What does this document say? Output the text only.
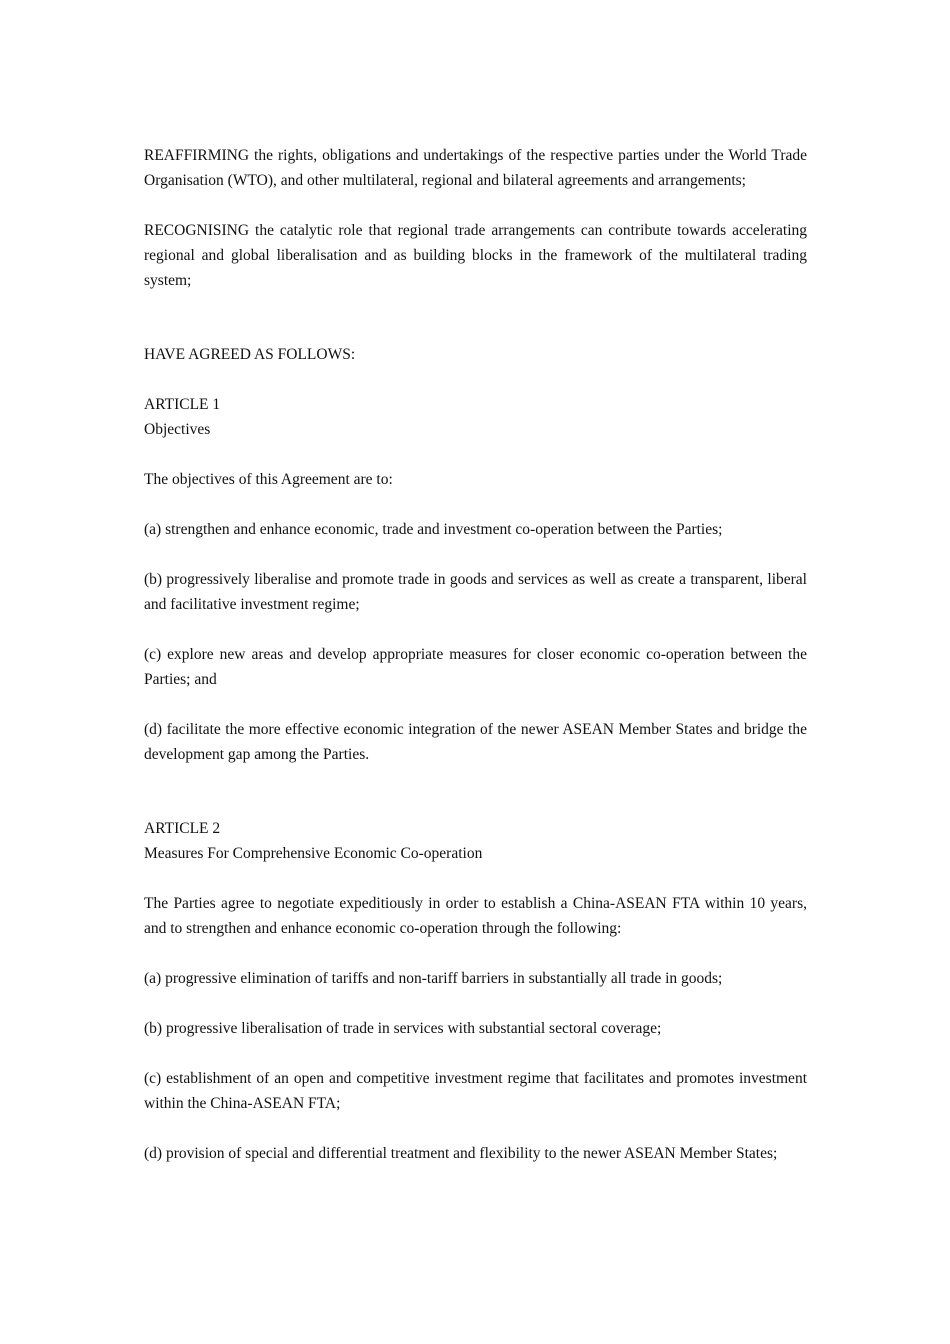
REAFFIRMING the rights, obligations and undertakings of the respective parties under the World Trade Organisation (WTO), and other multilateral, regional and bilateral agreements and arrangements;

RECOGNISING the catalytic role that regional trade arrangements can contribute towards accelerating regional and global liberalisation and as building blocks in the framework of the multilateral trading system;

HAVE AGREED AS FOLLOWS:

ARTICLE 1

Objectives

The objectives of this Agreement are to:

(a) strengthen and enhance economic, trade and investment co-operation between the Parties;

(b) progressively liberalise and promote trade in goods and services as well as create a transparent, liberal and facilitative investment regime;

(c) explore new areas and develop appropriate measures for closer economic co-operation between the Parties; and

(d) facilitate the more effective economic integration of the newer ASEAN Member States and bridge the development gap among the Parties.

ARTICLE 2

Measures For Comprehensive Economic Co-operation

The Parties agree to negotiate expeditiously in order to establish a China-ASEAN FTA within 10 years, and to strengthen and enhance economic co-operation through the following:

(a) progressive elimination of tariffs and non-tariff barriers in substantially all trade in goods;

(b) progressive liberalisation of trade in services with substantial sectoral coverage;

(c) establishment of an open and competitive investment regime that facilitates and promotes investment within the China-ASEAN FTA;

(d) provision of special and differential treatment and flexibility to the newer ASEAN Member States;
